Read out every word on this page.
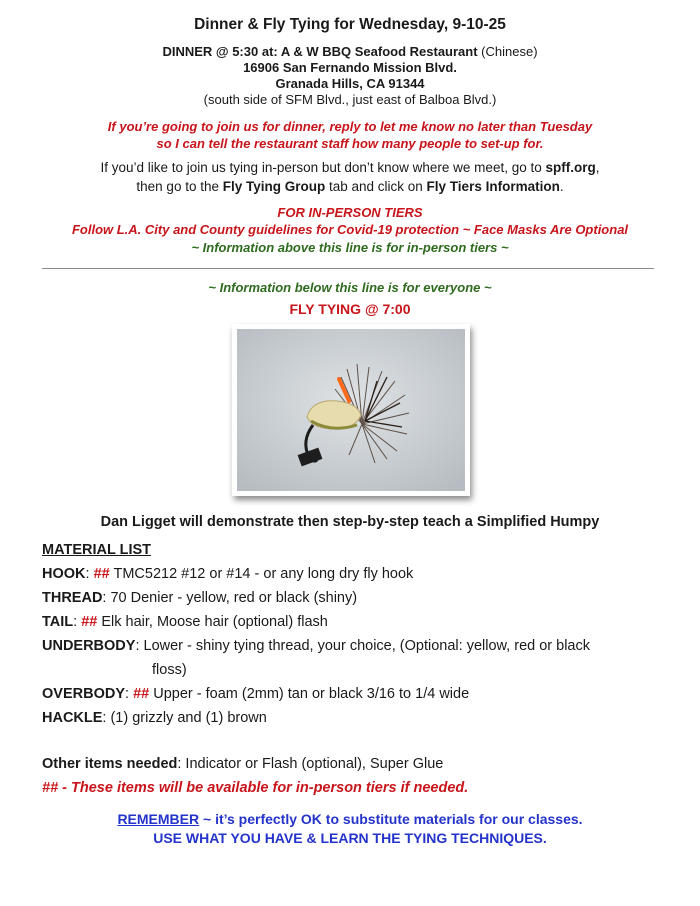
Dinner & Fly Tying for Wednesday, 9-10-25
DINNER @ 5:30 at: A & W BBQ Seafood Restaurant (Chinese)
16906 San Fernando Mission Blvd.
Granada Hills, CA 91344
(south side of SFM Blvd., just east of Balboa Blvd.)
If you’re going to join us for dinner, reply to let me know no later than Tuesday
so I can tell the restaurant staff how many people to set-up for.
If you’d like to join us tying in-person but don’t know where we meet, go to spff.org,
then go to the Fly Tying Group tab and click on Fly Tiers Information.
FOR IN-PERSON TIERS
Follow L.A. City and County guidelines for Covid-19 protection ~ Face Masks Are Optional
~ Information above this line is for in-person tiers ~
~ Information below this line is for everyone ~
FLY TYING @ 7:00
Dan Ligget will demonstrate then step-by-step teach a Simplified Humpy
MATERIAL LIST
HOOK: ## TMC5212 #12 or #14 - or any long dry fly hook
THREAD: 70 Denier - yellow, red or black (shiny)
TAIL: ## Elk hair, Moose hair (optional) flash
UNDERBODY: Lower - shiny tying thread, your choice, (Optional: yellow, red or black
floss)
OVERBODY: ## Upper - foam (2mm) tan or black 3/16 to 1/4 wide
HACKLE: (1) grizzly and (1) brown
Other items needed: Indicator or Flash (optional), Super Glue
## - These items will be available for in-person tiers if needed.
REMEMBER ~ it’s perfectly OK to substitute materials for our classes.
USE WHAT YOU HAVE & LEARN THE TYING TECHNIQUES.
